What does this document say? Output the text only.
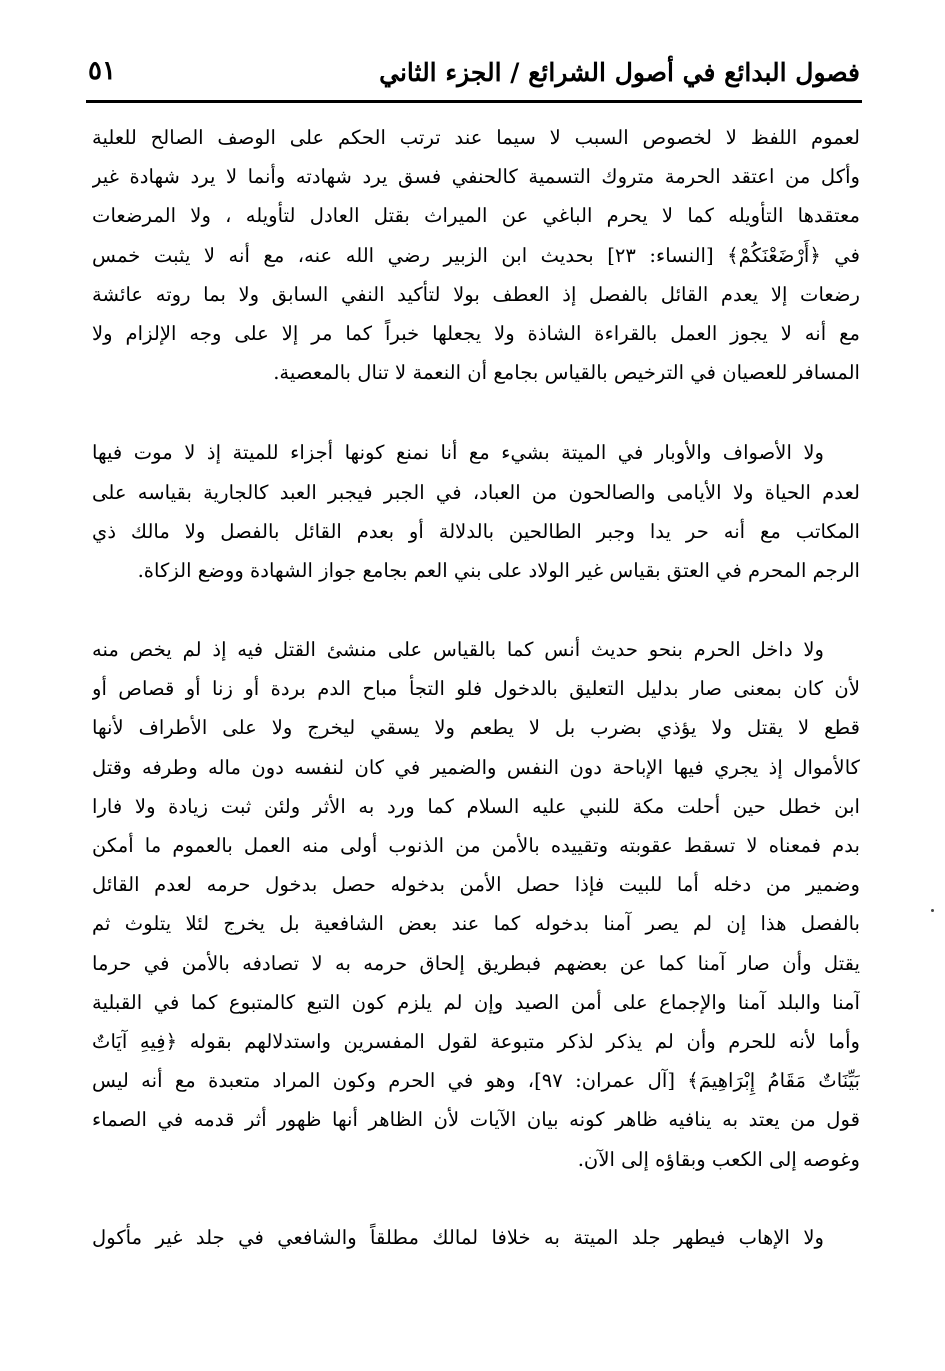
فصول البدائع في أصول الشرائع / الجزء الثاني
٥١
لعموم اللفظ لا لخصوص السبب لا سيما عند ترتب الحكم على الوصف الصالح للعلية
وأكل من اعتقد الحرمة متروك التسمية كالحنفي فسق يرد شهادته وأنما لا يرد شهادة غير
معتقدها التأويله كما لا يحرم الباغي عن الميراث بقتل العادل لتأويله ، ولا المرضعات
في ﴿أَرْضَعْنَكُمْ﴾ [النساء: ٢٣] بحديث ابن الزبير رضي الله عنه، مع أنه لا يثبت خمس
رضعات إلا يعدم القائل بالفصل إذ العطف بولا لتأكيد النفي السابق ولا بما روته عائشة
مع أنه لا يجوز العمل بالقراءة الشاذة ولا يجعلها خبراً كما مر إلا على وجه الإلزام ولا
المسافر للعصيان في الترخيص بالقياس بجامع أن النعمة لا تنال بالمعصية.
ولا الأصواف والأوبار في الميتة بشيء مع أنا نمنع كونها أجزاء للميتة إذ لا موت فيها
لعدم الحياة ولا الأيامى والصالحون من العباد، في الجبر فيجبر العبد كالجارية بقياسه على
المكاتب مع أنه حر يدا وجبر الطالحين بالدلالة أو بعدم القائل بالفصل ولا مالك ذي
الرجم المحرم في العتق بقياس غير الولاد على بني العم بجامع جواز الشهادة ووضع الزكاة.
ولا داخل الحرم بنحو حديث أنس كما بالقياس على منشئ القتل فيه إذ لم يخص منه
لأن كان بمعنى صار بدليل التعليق بالدخول فلو التجأ مباح الدم بردة أو زنا أو قصاص أو
قطع لا يقتل ولا يؤذي بضرب بل لا يطعم ولا يسقي ليخرج ولا على الأطراف لأنها
كالأموال إذ يجري فيها الإباحة دون النفس والضمير في كان لنفسه دون ماله وطرفه وقتل
ابن خطل حين أحلت مكة للنبي عليه السلام كما ورد به الأثر ولئن ثبت زيادة ولا فارا
بدم فمعناه لا تسقط عقوبته وتقييده بالأمن من الذنوب أولى منه العمل بالعموم ما أمكن
وضمير من دخله أما للبيت فإذا حصل الأمن بدخوله حصل بدخول حرمه لعدم القائل
بالفصل هذا إن لم يصر آمنا بدخوله كما عند بعض الشافعية بل يخرج لئلا يتلوث ثم
يقتل وأن صار آمنا كما عن بعضهم فبطريق إلحاق حرمه به لا تصادفه بالأمن في حرما
آمنا والبلد آمنا والإجماع على أمن الصيد وإن لم يلزم كون التبع كالمتبوع كما في القبلية
وأما لأنه للحرم وأن لم يذكر لذكر متبوعة لقول المفسرين واستدلالهم بقوله ﴿فِيهِ آيَاتٌ
بَيِّنَاتٌ مَقَامُ إِبْرَاهِيمَ﴾ [آل عمران: ٩٧]، وهو في الحرم وكون المراد متعبدة مع أنه ليس
قول من يعتد به ينافيه ظاهر كونه بيان الآيات لأن الظاهر أنها ظهور أثر قدمه في الصماء
وغوصه إلى الكعب وبقاؤه إلى الآن.
ولا الإهاب فيطهر جلد الميتة به خلافا لمالك مطلقاً والشافعي في جلد غير مأكول
